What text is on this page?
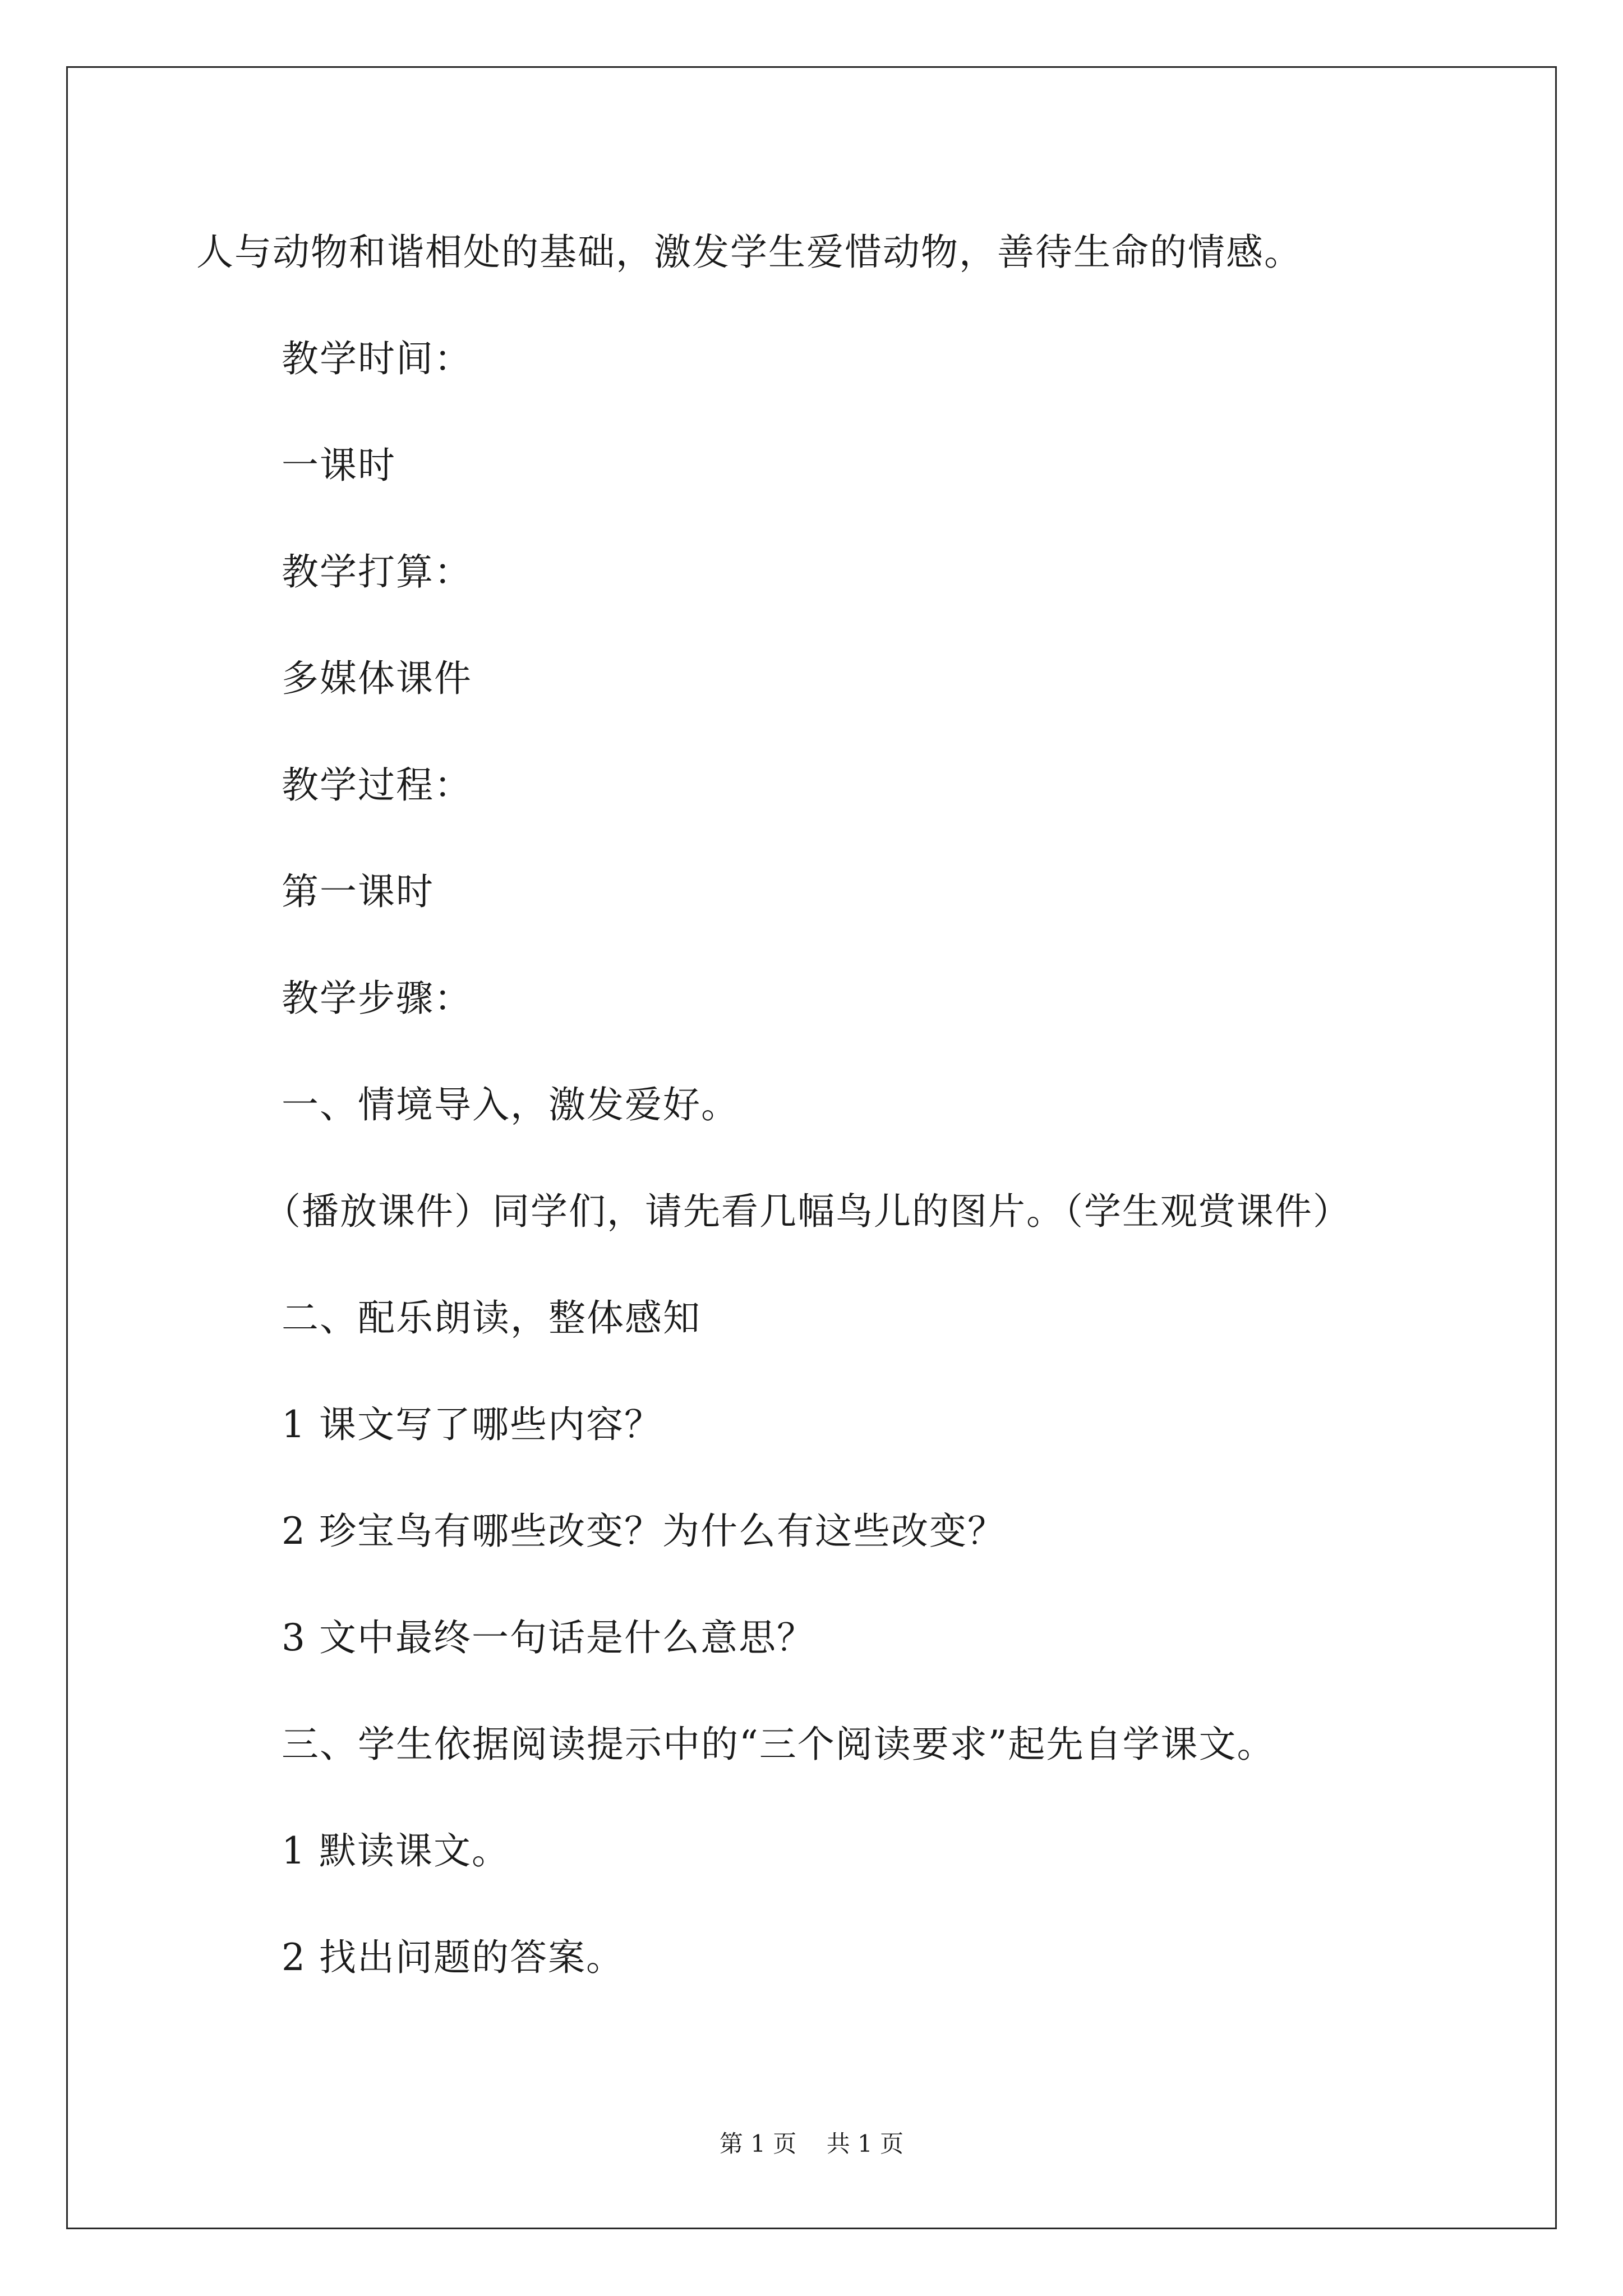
人与动物和谐相处的基础，激发学生爱惜动物，善待生命的情感。
教学时间：
一课时
教学打算：
多媒体课件
教学过程：
第一课时
教学步骤：
一、情境导入，激发爱好。
（播放课件）同学们，请先看几幅鸟儿的图片。（学生观赏课件）
二、配乐朗读，整体感知
1 课文写了哪些内容？
2 珍宝鸟有哪些改变？为什么有这些改变？
3 文中最终一句话是什么意思？
三、学生依据阅读提示中的“三个阅读要求”起先自学课文。
1 默读课文。
2 找出问题的答案。
第 1 页    共 1 页
